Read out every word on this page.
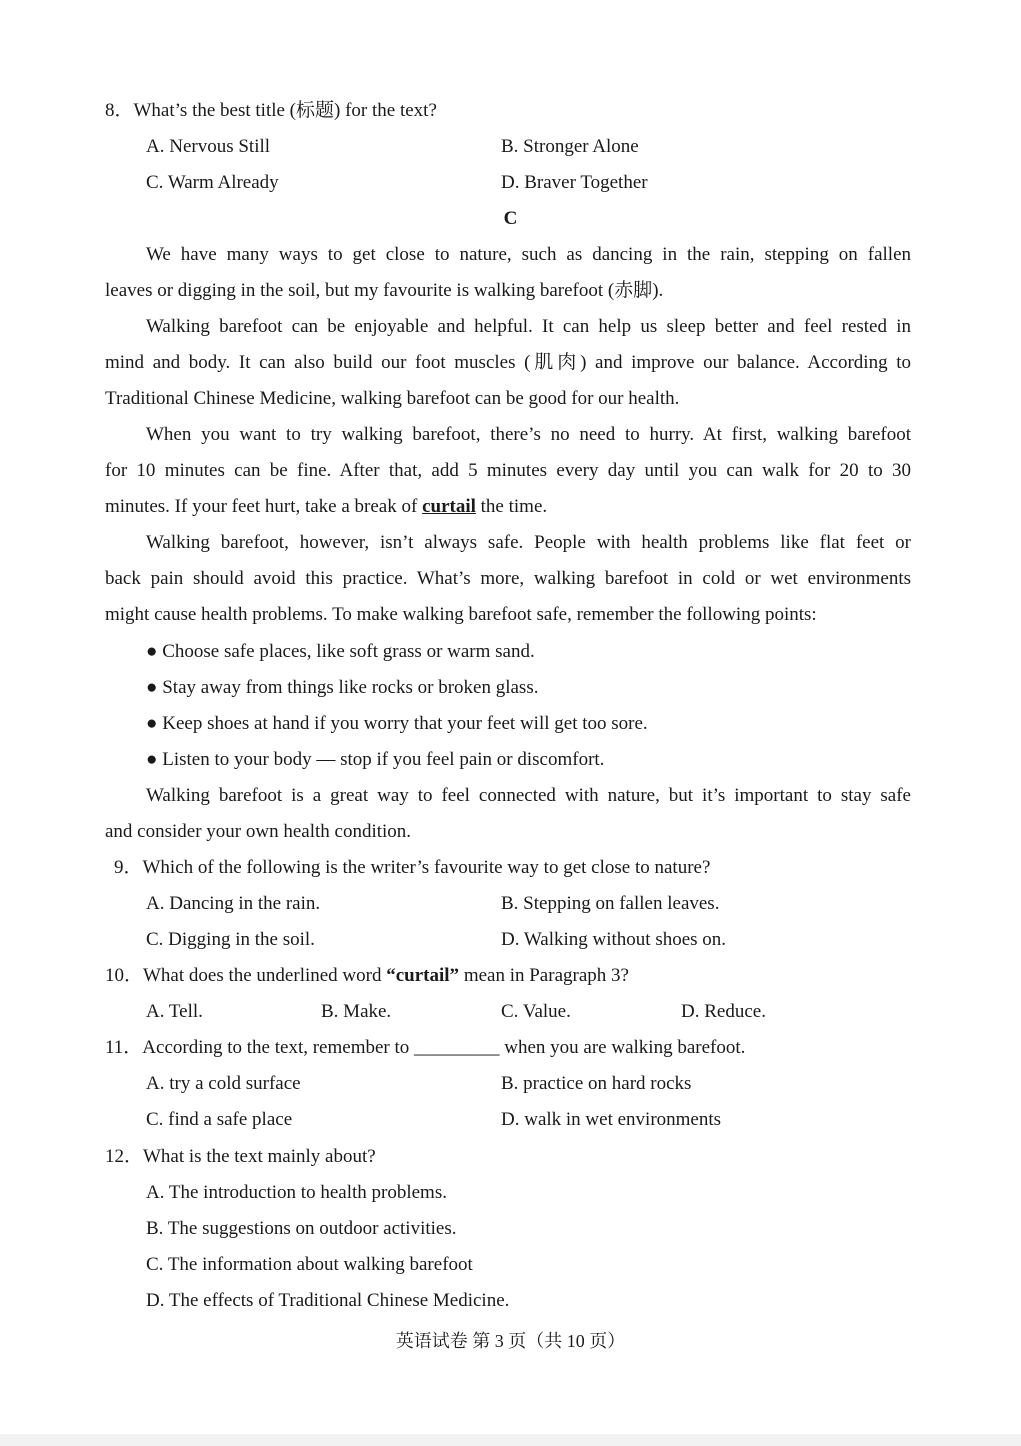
8．What’s the best title (标题) for the text?
A. Nervous Still	B. Stronger Alone
C. Warm Already	D. Braver Together
C
We have many ways to get close to nature, such as dancing in the rain, stepping on fallen
leaves or digging in the soil, but my favourite is walking barefoot (赤脚).
Walking barefoot can be enjoyable and helpful. It can help us sleep better and feel rested in
mind and body. It can also build our foot muscles (肌肉) and improve our balance. According to
Traditional Chinese Medicine, walking barefoot can be good for our health.
When you want to try walking barefoot, there’s no need to hurry. At first, walking barefoot
for 10 minutes can be fine. After that, add 5 minutes every day until you can walk for 20 to 30
minutes. If your feet hurt, take a break of curtail the time.
Walking barefoot, however, isn’t always safe. People with health problems like flat feet or
back pain should avoid this practice. What’s more, walking barefoot in cold or wet environments
might cause health problems. To make walking barefoot safe, remember the following points:
● Choose safe places, like soft grass or warm sand.
● Stay away from things like rocks or broken glass.
● Keep shoes at hand if you worry that your feet will get too sore.
● Listen to your body — stop if you feel pain or discomfort.
Walking barefoot is a great way to feel connected with nature, but it’s important to stay safe
and consider your own health condition.
9．Which of the following is the writer’s favourite way to get close to nature?
A. Dancing in the rain.	B. Stepping on fallen leaves.
C. Digging in the soil.	D. Walking without shoes on.
10．What does the underlined word “curtail” mean in Paragraph 3?
A. Tell.	B. Make.	C. Value.	D. Reduce.
11．According to the text, remember to _________ when you are walking barefoot.
A. try a cold surface	B. practice on hard rocks
C. find a safe place	D. walk in wet environments
12．What is the text mainly about?
A. The introduction to health problems.
B. The suggestions on outdoor activities.
C. The information about walking barefoot
D. The effects of Traditional Chinese Medicine.
英语试卷 第 3 页（共 10 页）
